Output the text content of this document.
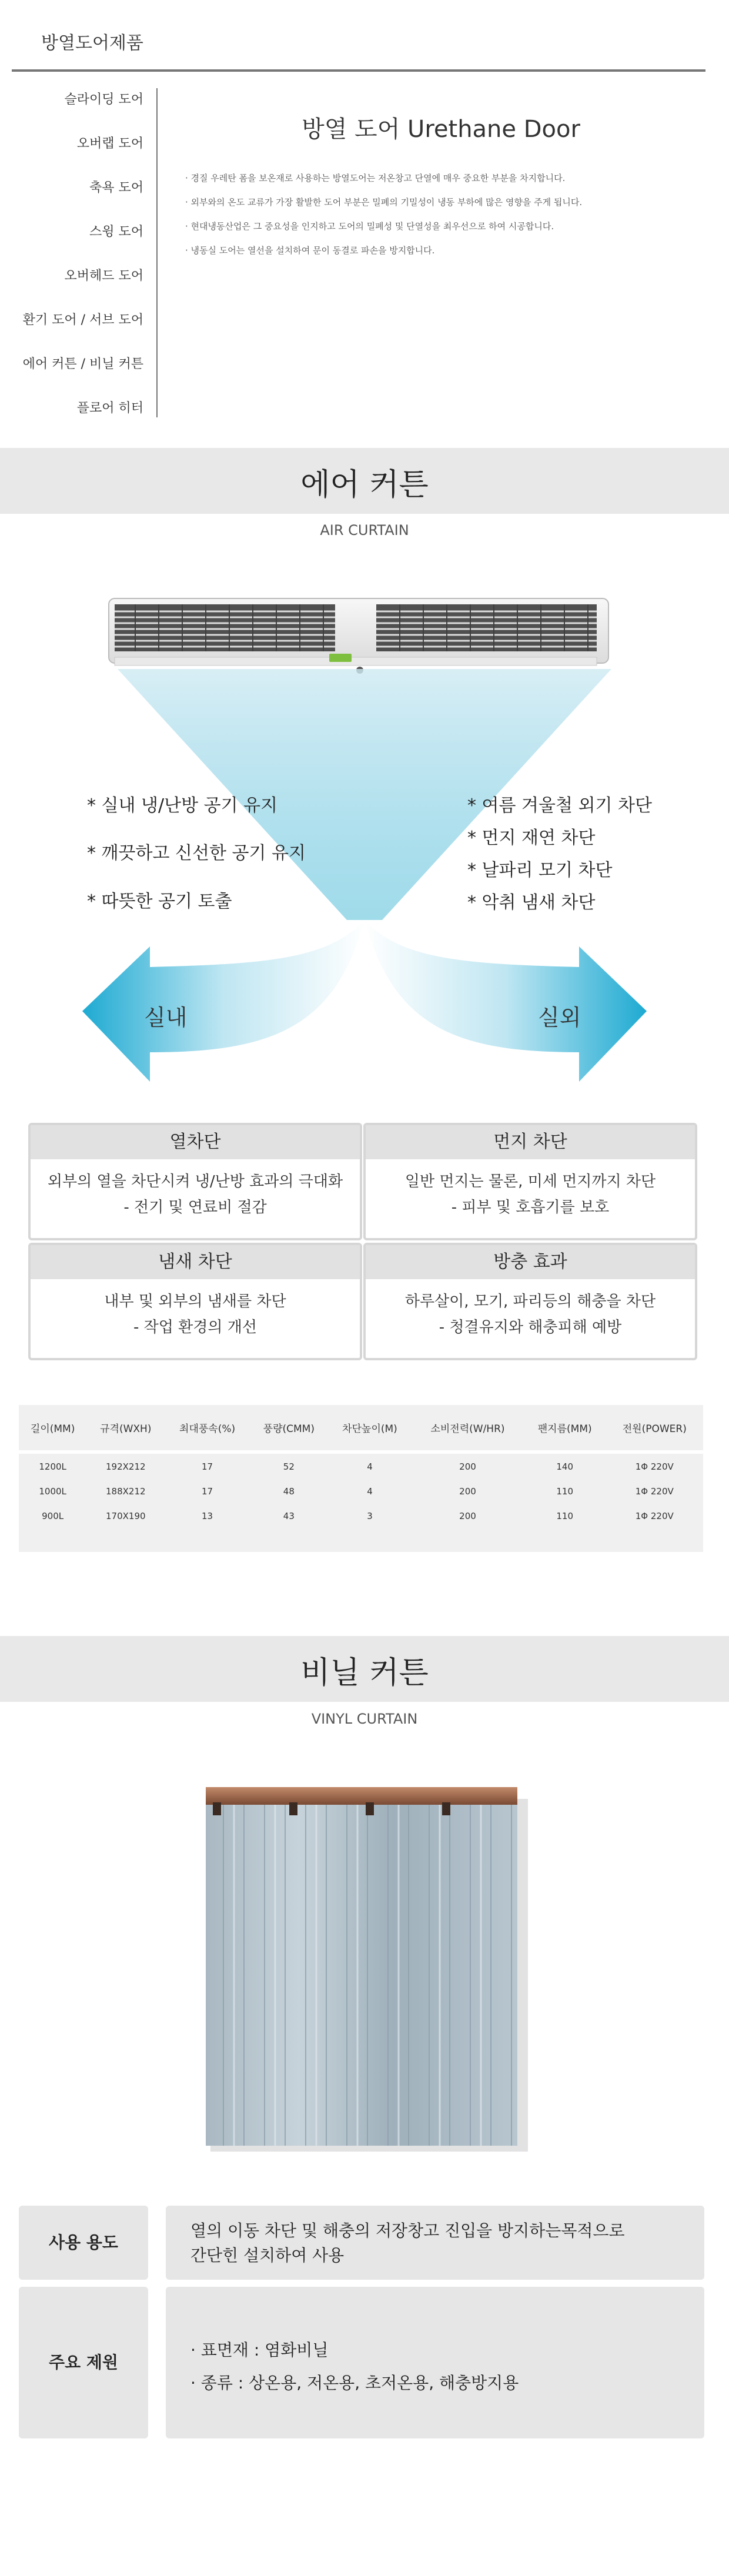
방열도어제품
슬라이딩 도어
오버랩 도어
축욕 도어
스윙 도어
오버헤드 도어
환기 도어 / 서브 도어
에어 커튼 / 비닐 커튼
플로어 히터
방열 도어 Urethane Door
· 경질 우레탄 폼을 보온재로 사용하는 방열도어는 저온창고 단열에 매우 중요한 부분을 차지합니다.
· 외부와의 온도 교류가 가장 활발한 도어 부분은 밀폐의 기밀성이 냉동 부하에 많은 영향을 주게 됩니다.
· 현대냉동산업은 그 중요성을 인지하고 도어의 밀폐성 및 단열성을 최우선으로 하여 시공합니다.
· 냉동실 도어는 열선을 설치하여 문이 동결로 파손을 방지합니다.
에어 커튼
AIR CURTAIN
* 실내 냉/난방 공기 유지
* 깨끗하고 신선한 공기 유지
* 따뜻한 공기 토출
* 여름 겨울철 외기 차단
* 먼지 재연 차단
* 날파리 모기 차단
* 악취 냄새 차단
실내	실외
열차단
외부의 열을 차단시켜 냉/난방 효과의 극대화
- 전기 및 연료비 절감
먼지 차단
일반 먼지는 물론, 미세 먼지까지 차단
- 피부 및 호흡기를 보호
냄새 차단
내부 및 외부의 냄새를 차단
- 작업 환경의 개선
방충 효과
하루살이, 모기, 파리등의 해충을 차단
- 청결유지와 해충피해 예방
길이(MM)	규격(WXH)	최대풍속(%)	풍량(CMM)	차단높이(M)	소비전력(W/HR)	팬지름(MM)	전원(POWER)

1200L	192X212	17	52	4	200	140	1Φ 220V
1000L	188X212	17	48	4	200	110	1Φ 220V
900L	170X190	13	43	3	200	110	1Φ 220V
비닐 커튼
VINYL CURTAIN
사용 용도
열의 이동 차단 및 해충의 저장창고 진입을 방지하는목적으로
간단힌 설치하여 사용
주요 제원
· 표면재 : 염화비닐
· 종류 : 상온용, 저온용, 초저온용, 해충방지용
